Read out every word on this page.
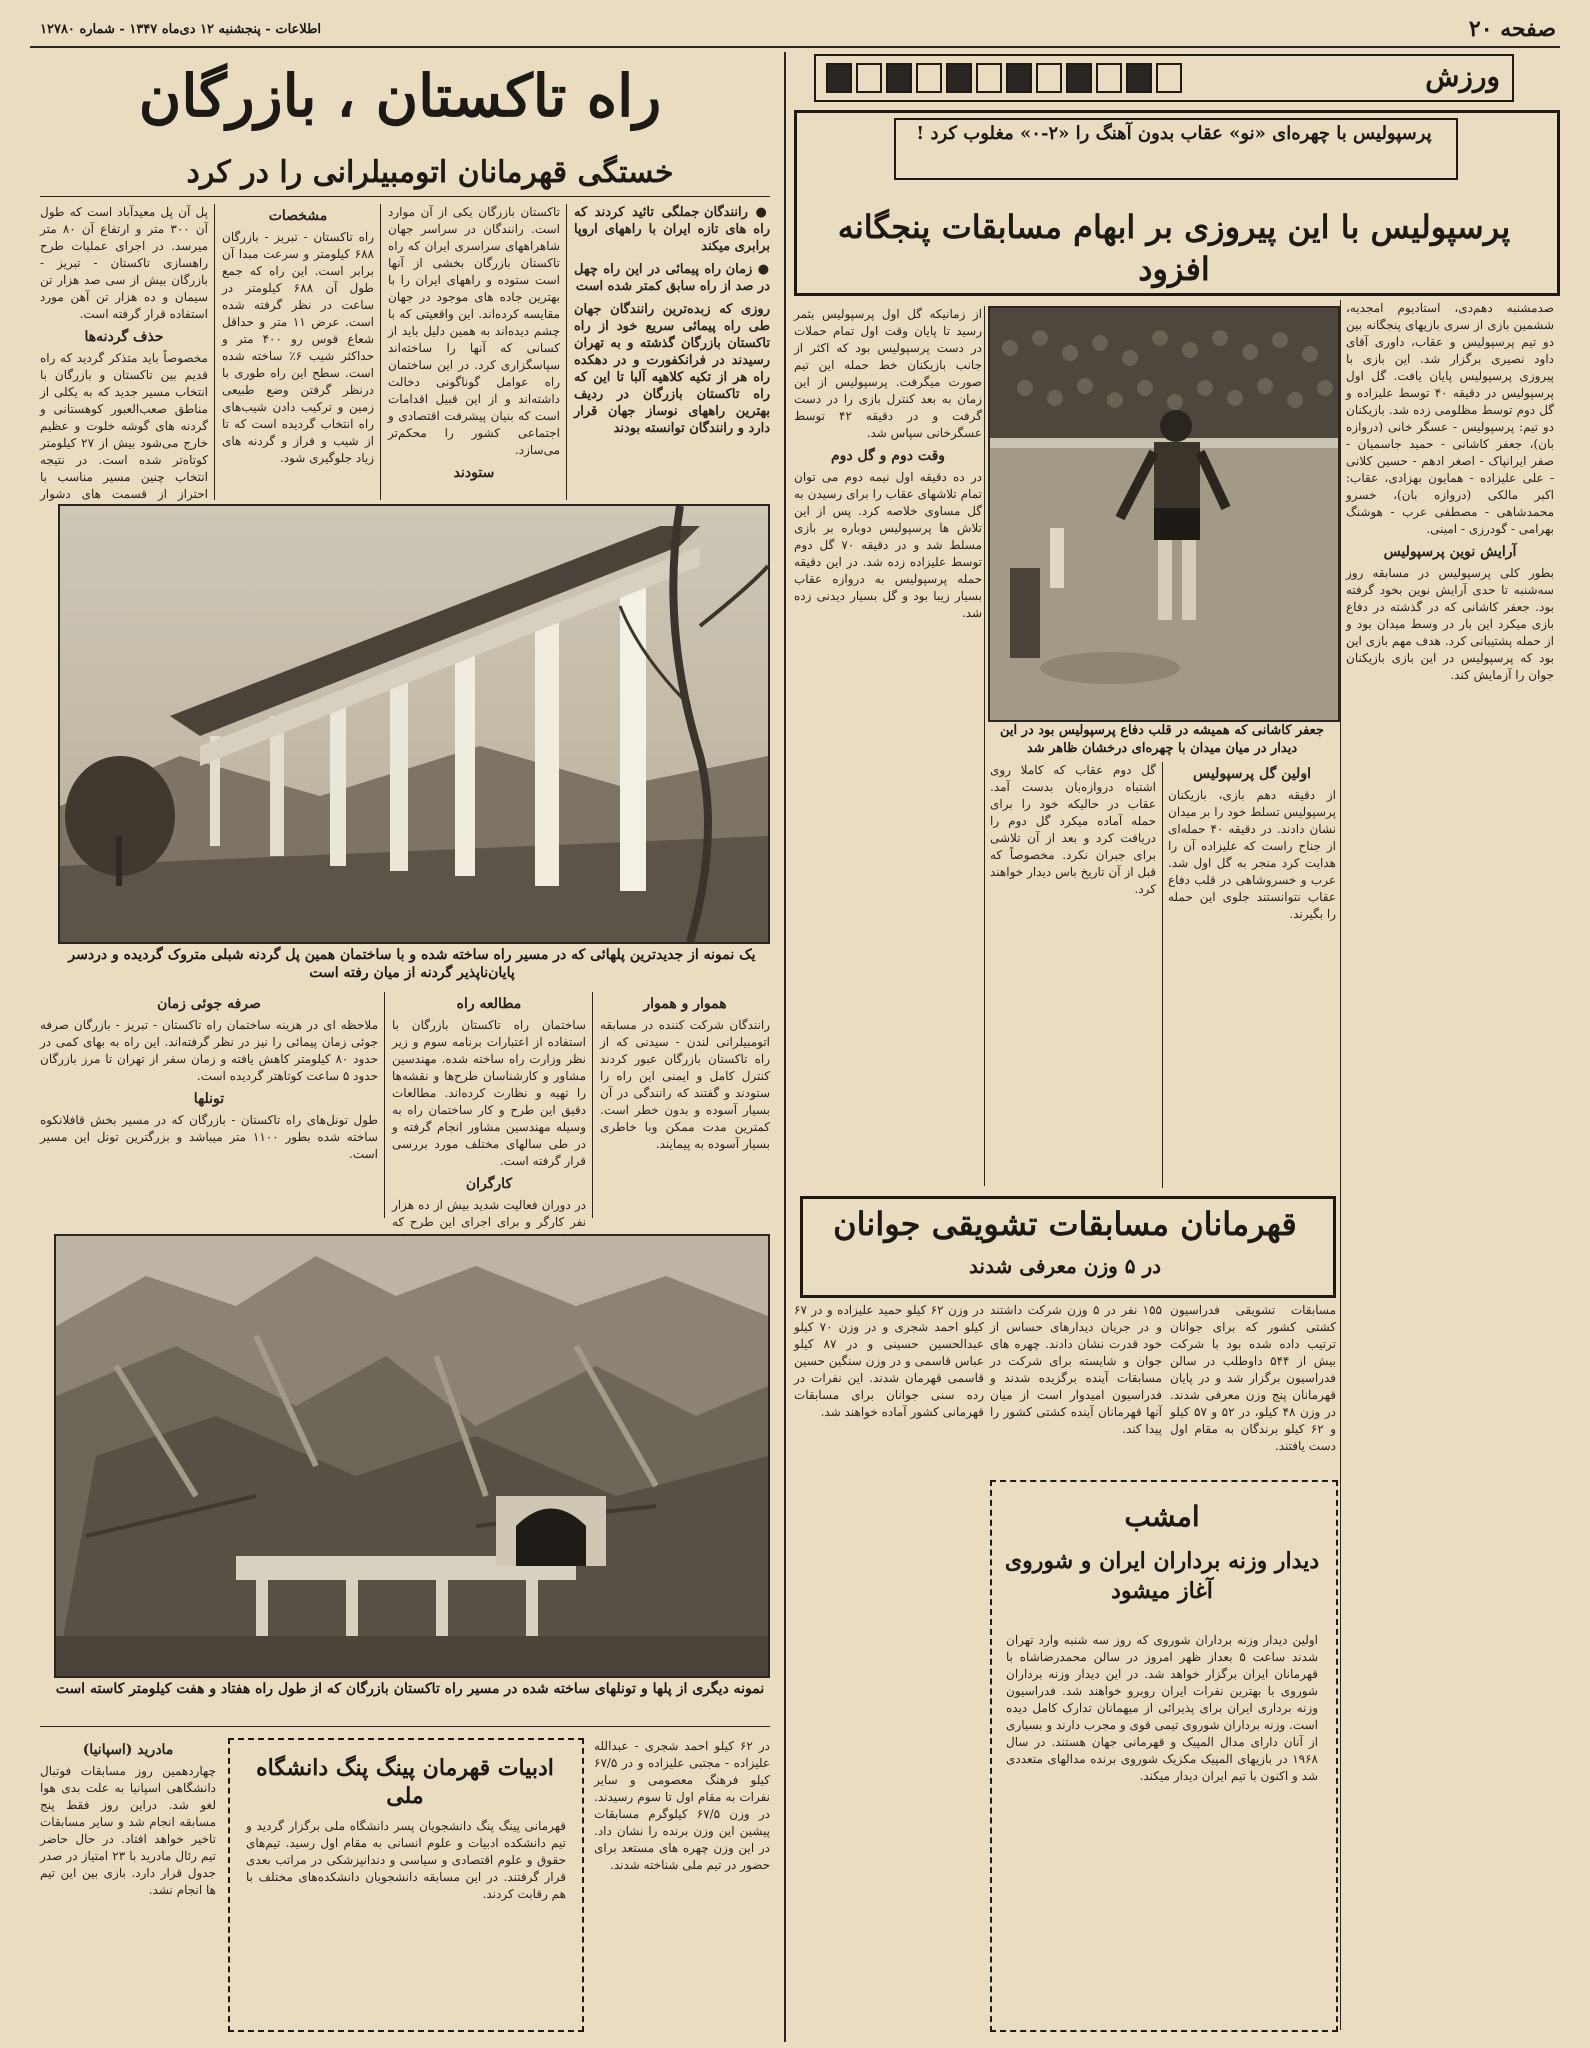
صفحه ۲۰
اطلاعات - پنجشنبه ۱۲ دی‌ماه ۱۳۴۷ - شماره ۱۲۷۸۰
ورزش
راه تاکستان ، بازرگان
خستگی قهرمانان اتومبیلرانی را در کرد

● رانندگان جملگی تائید کردند که راه های تازه ایران با راههای اروپا برابری میکند

● زمان راه پیمائی در این راه چهل در صد از راه سابق کمتر شده است

روزی که زبده‌ترین رانندگان جهان طی راه پیمائی سریع خود از راه تاکستان بازرگان گذشته و به تهران رسیدند در فرانکفورت و در دهکده راه هر از تکیه کلاهیه آلبا تا این که راه تاکستان بازرگان در ردیف بهترین راههای نوساز جهان قرار دارد و رانندگان توانسته بودند

تاکستان بازرگان یکی از آن موارد است. رانندگان در سراسر جهان شاهراههای سراسری ایران که راه تاکستان بازرگان بخشی از آنها است ستوده و راههای ایران را با بهترین جاده های موجود در جهان مقایسه کرده‌اند. این واقعیتی که با چشم دیده‌اند به همین دلیل باید از کسانی که آنها را ساخته‌اند سپاسگزاری کرد. در این ساختمان راه عوامل گوناگونی دخالت داشته‌اند و از این قبیل اقدامات است که بنیان پیشرفت اقتصادی و اجتماعی کشور را محکم‌تر می‌سازد.

ستودند
مشخصات

راه تاکستان - تبریز - بازرگان ۶۸۸ کیلومتر و سرعت مبدا آن برابر است. این راه که جمع طول آن ۶۸۸ کیلومتر در ساعت در نظر گرفته شده است. عرض ۱۱ متر و حداقل شعاع قوس رو ۴۰۰ متر و حداکثر شیب ۶٪ ساخته شده است. سطح این راه طوری با درنظر گرفتن وضع طبیعی زمین و ترکیب دادن شیب‌های راه انتخاب گردیده است که تا از شیب و فراز و گردنه های زیاد جلوگیری شود.

پل آن پل معیدآباد است که طول آن ۳۰۰ متر و ارتفاع آن ۸۰ متر میرسد. در اجرای عملیات طرح راهسازی تاکستان - تبریز - بازرگان بیش از سی صد هزار تن سیمان و ده هزار تن آهن مورد استفاده قرار گرفته است.

حذف گردنه‌ها

مخصوصاً باید متذکر گردید که راه قدیم بین تاکستان و بازرگان با انتخاب مسیر جدید که به یکلی از مناطق صعب‌العبور کوهستانی و گردنه های گوشه خلوت و عظیم خارج می‌شود بیش از ۲۷ کیلومتر کوتاه‌تر شده است. در نتیجه انتخاب چنین مسیر مناسب با احتراز از قسمت های دشوار

یک نمونه از جدیدترین پلهائی که در مسیر راه ساخته شده و با ساختمان همین پل گردنه شبلی متروک گردیده و دردسر پایان‌ناپذیر گردنه از میان رفته است
هموار و هموار

رانندگان شرکت کننده در مسابقه اتومبیلرانی لندن - سیدنی که از راه تاکستان بازرگان عبور کردند کنترل کامل و ایمنی این راه را ستودند و گفتند که رانندگی در آن بسیار آسوده و بدون خطر است. کمترین مدت ممکن وبا خاطری بسیار آسوده به پیمایند.

مطالعه راه

ساختمان راه تاکستان بازرگان با استفاده از اعتبارات برنامه سوم و زیر نظر وزارت راه ساخته شده. مهندسین مشاور و کارشناسان طرح‌ها و نقشه‌ها را تهیه و نظارت کرده‌اند. مطالعات دقیق این طرح و کار ساختمان راه به وسیله مهندسین مشاور انجام گرفته و در طی سالهای مختلف مورد بررسی قرار گرفته است.

کارگران

در دوران فعالیت شدید بیش از ده هزار نفر کارگر و برای اجرای این طرح که

صرفه جوئی زمان

ملاحظه ای در هزینه ساختمان راه تاکستان - تبریز - بازرگان صرفه جوئی زمان پیمائی را نیز در نظر گرفته‌اند. این راه به بهای کمی در حدود ۸۰ کیلومتر کاهش یافته و زمان سفر از تهران تا مرز بازرگان حدود ۵ ساعت کوتاهتر گردیده است.

تونلها

طول تونل‌های راه تاکستان - بازرگان که در مسیر بخش قافلانکوه ساخته شده بطور ۱۱۰۰ متر میباشد و بزرگترین تونل این مسیر است.

نمونه دیگری از پلها و تونلهای ساخته شده در مسیر راه تاکستان بازرگان که از طول راه هفتاد و هفت کیلومتر کاسته است

در ۶۲ کیلو احمد شجری - عبدالله علیزاده - مجتبی علیزاده و در ۶۷/۵ کیلو فرهنگ معصومی و سایر نفرات به مقام اول تا سوم رسیدند. در وزن ۶۷/۵ کیلوگرم مسابقات پیشین این وزن برنده را نشان داد. در این وزن چهره های مستعد برای حضور در تیم ملی شناخته شدند.

ادبیات قهرمان پینگ پنگ دانشگاه ملی

قهرمانی پینگ پنگ دانشجویان پسر دانشگاه ملی برگزار گردید و تیم دانشکده ادبیات و علوم انسانی به مقام اول رسید. تیم‌های حقوق و علوم اقتصادی و سیاسی و دندانپزشکی در مراتب بعدی قرار گرفتند. در این مسابقه دانشجویان دانشکده‌های مختلف با هم رقابت کردند.

مادرید (اسپانیا)

چهاردهمین روز مسابقات فوتبال دانشگاهی اسپانیا به علت بدی هوا لغو شد. دراین روز فقط پنج مسابقه انجام شد و سایر مسابقات تاخیر خواهد افتاد. در حال حاضر تیم رئال مادرید با ۲۳ امتیاز در صدر جدول قرار دارد. بازی بین این تیم ها انجام نشد.

پرسپولیس با چهره‌ای «نو» عقاب بدون آهنگ را «۲-۰» مغلوب کرد !
پرسپولیس با این پیروزی بر ابهام مسابقات پنجگانه افزود
جعفر کاشانی که همیشه در قلب دفاع پرسپولیس بود در این دیدار در میان میدان با چهره‌ای درخشان ظاهر شد

صدمشنبه دهم‌دی، استادیوم امجدیه، ششمین بازی از سری بازیهای پنجگانه بین دو تیم پرسپولیس و عقاب، داوری آقای داود نصیری برگزار شد. این بازی با پیروزی پرسپولیس پایان یافت. گل اول پرسپولیس در دقیقه ۴۰ توسط علیزاده و گل دوم توسط مظلومی زده شد. بازیکنان دو تیم: پرسپولیس - عسگر خانی (دروازه بان)، جعفر کاشانی - حمید جاسمیان - صفر ایرانپاک - اصغر ادهم - حسین کلانی - علی علیزاده - همایون بهزادی، عقاب: اکبر مالکی (دروازه بان)، خسرو محمدشاهی - مصطفی عرب - هوشنگ بهرامی - گودرزی - امینی.

آرایش نوین پرسپولیس

بطور کلی پرسپولیس در مسابقه روز سه‌شنبه تا حدی آرایش نوین بخود گرفته بود. جعفر کاشانی که در گذشته در دفاع بازی میکرد این بار در وسط میدان بود و از حمله پشتیبانی کرد. هدف مهم بازی این بود که پرسپولیس در این بازی بازیکنان جوان را آزمایش کند.

از زمانیکه گل اول پرسپولیس بثمر رسید تا پایان وقت اول تمام حملات در دست پرسپولیس بود که اکثر از جانب بازیکنان خط حمله این تیم صورت میگرفت. پرسپولیس از این زمان به بعد کنترل بازی را در دست گرفت و در دقیقه ۴۲ توسط عسگرخانی سپاس شد.

وقت دوم و گل دوم

در ده دقیقه اول نیمه دوم می توان تمام تلاشهای عقاب را برای رسیدن به گل مساوی خلاصه کرد. پس از این تلاش ها پرسپولیس دوباره بر بازی مسلط شد و در دقیقه ۷۰ گل دوم توسط علیزاده زده شد. در این دقیقه حمله پرسپولیس به دروازه عقاب بسیار زیبا بود و گل بسیار دیدنی زده شد.

اولین گل پرسپولیس

از دقیقه دهم بازی، بازیکنان پرسپولیس تسلط خود را بر میدان نشان دادند. در دقیقه ۴۰ حمله‌ای از جناح راست که علیزاده آن را هدایت کرد منجر به گل اول شد. عرب و خسروشاهی در قلب دفاع عقاب نتوانستند جلوی این حمله را بگیرند.

گل دوم عقاب که کاملا روی اشتباه دروازه‌بان بدست آمد. عقاب در حالیکه خود را برای حمله آماده میکرد گل دوم را دریافت کرد و بعد از آن تلاشی برای جبران نکرد. مخصوصاً که قبل از آن تاریخ باس دیدار خواهند کرد.

قهرمانان مسابقات تشویقی جوانان
در ۵ وزن معرفی شدند

مسابقات تشویقی فدراسیون کشتی کشور که برای جوانان ترتیب داده شده بود با شرکت بیش از ۵۴۴ داوطلب در سالن فدراسیون برگزار شد و در پایان قهرمانان پنج وزن معرفی شدند. در وزن ۴۸ کیلو، در ۵۲ و ۵۷ کیلو و ۶۲ کیلو برندگان به مقام اول دست یافتند.

۱۵۵ نفر در ۵ وزن شرکت داشتند و در جریان دیدارهای حساس از خود قدرت نشان دادند. چهره های جوان و شایسته برای شرکت در مسابقات آینده برگزیده شدند و فدراسیون امیدوار است از میان آنها قهرمانان آینده کشتی کشور را پیدا کند.

در وزن ۶۲ کیلو حمید علیزاده و در ۶۷ کیلو احمد شجری و در وزن ۷۰ کیلو عبدالحسین حسینی و در ۸۷ کیلو عباس قاسمی و در وزن سنگین حسین قاسمی قهرمان شدند. این نفرات در رده سنی جوانان برای مسابقات قهرمانی کشور آماده خواهند شد.

امشب
دیدار وزنه برداران ایران و شوروی آغاز میشود

اولین دیدار وزنه برداران شوروی که روز سه شنبه وارد تهران شدند ساعت ۵ بعداز ظهر امروز در سالن محمدرضاشاه با قهرمانان ایران برگزار خواهد شد. در این دیدار وزنه برداران شوروی با بهترین نفرات ایران روبرو خواهند شد. فدراسیون وزنه برداری ایران برای پذیرائی از میهمانان تدارک کامل دیده است. وزنه برداران شوروی تیمی قوی و مجرب دارند و بسیاری از آنان دارای مدال المپیک و قهرمانی جهان هستند. در سال ۱۹۶۸ در بازیهای المپیک مکزیک شوروی برنده مدالهای متعددی شد و اکنون با تیم ایران دیدار میکند.
